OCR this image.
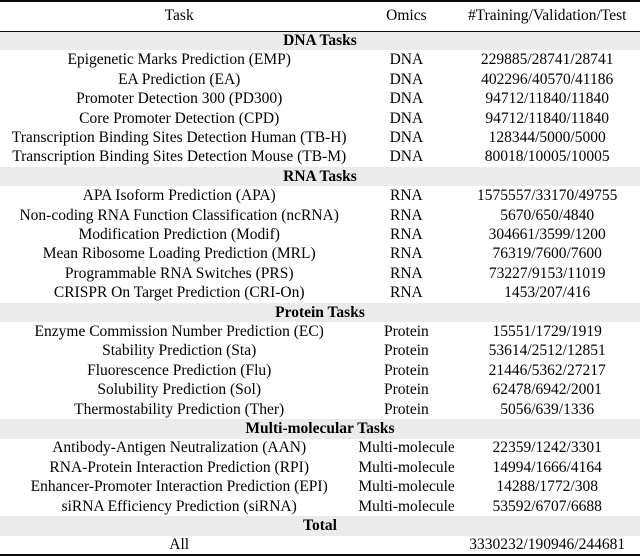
Task	Omics	#Training/Validation/Test
DNA Tasks		
Epigenetic Marks Prediction (EMP)	DNA	229885/28741/28741
EA Prediction (EA)	DNA	402296/40570/41186
Promoter Detection 300 (PD300)	DNA	94712/11840/11840
Core Promoter Detection (CPD)	DNA	94712/11840/11840
Transcription Binding Sites Detection Human (TB-H)	DNA	128344/5000/5000
Transcription Binding Sites Detection Mouse (TB-M)	DNA	80018/10005/10005
RNA Tasks		
APA Isoform Prediction (APA)	RNA	1575557/33170/49755
Non-coding RNA Function Classification (ncRNA)	RNA	5670/650/4840
Modification Prediction (Modif)	RNA	304661/3599/1200
Mean Ribosome Loading Prediction (MRL)	RNA	76319/7600/7600
Programmable RNA Switches (PRS)	RNA	73227/9153/11019
CRISPR On Target Prediction (CRI-On)	RNA	1453/207/416
Protein Tasks		
Enzyme Commission Number Prediction (EC)	Protein	15551/1729/1919
Stability Prediction (Sta)	Protein	53614/2512/12851
Fluorescence Prediction (Flu)	Protein	21446/5362/27217
Solubility Prediction (Sol)	Protein	62478/6942/2001
Thermostability Prediction (Ther)	Protein	5056/639/1336
Multi-molecular Tasks		
Antibody-Antigen Neutralization (AAN)	Multi-molecule	22359/1242/3301
RNA-Protein Interaction Prediction (RPI)	Multi-molecule	14994/1666/4164
Enhancer-Promoter Interaction Prediction (EPI)	Multi-molecule	14288/1772/308
siRNA Efficiency Prediction (siRNA)	Multi-molecule	53592/6707/6688
Total		
All		3330232/190946/244681
